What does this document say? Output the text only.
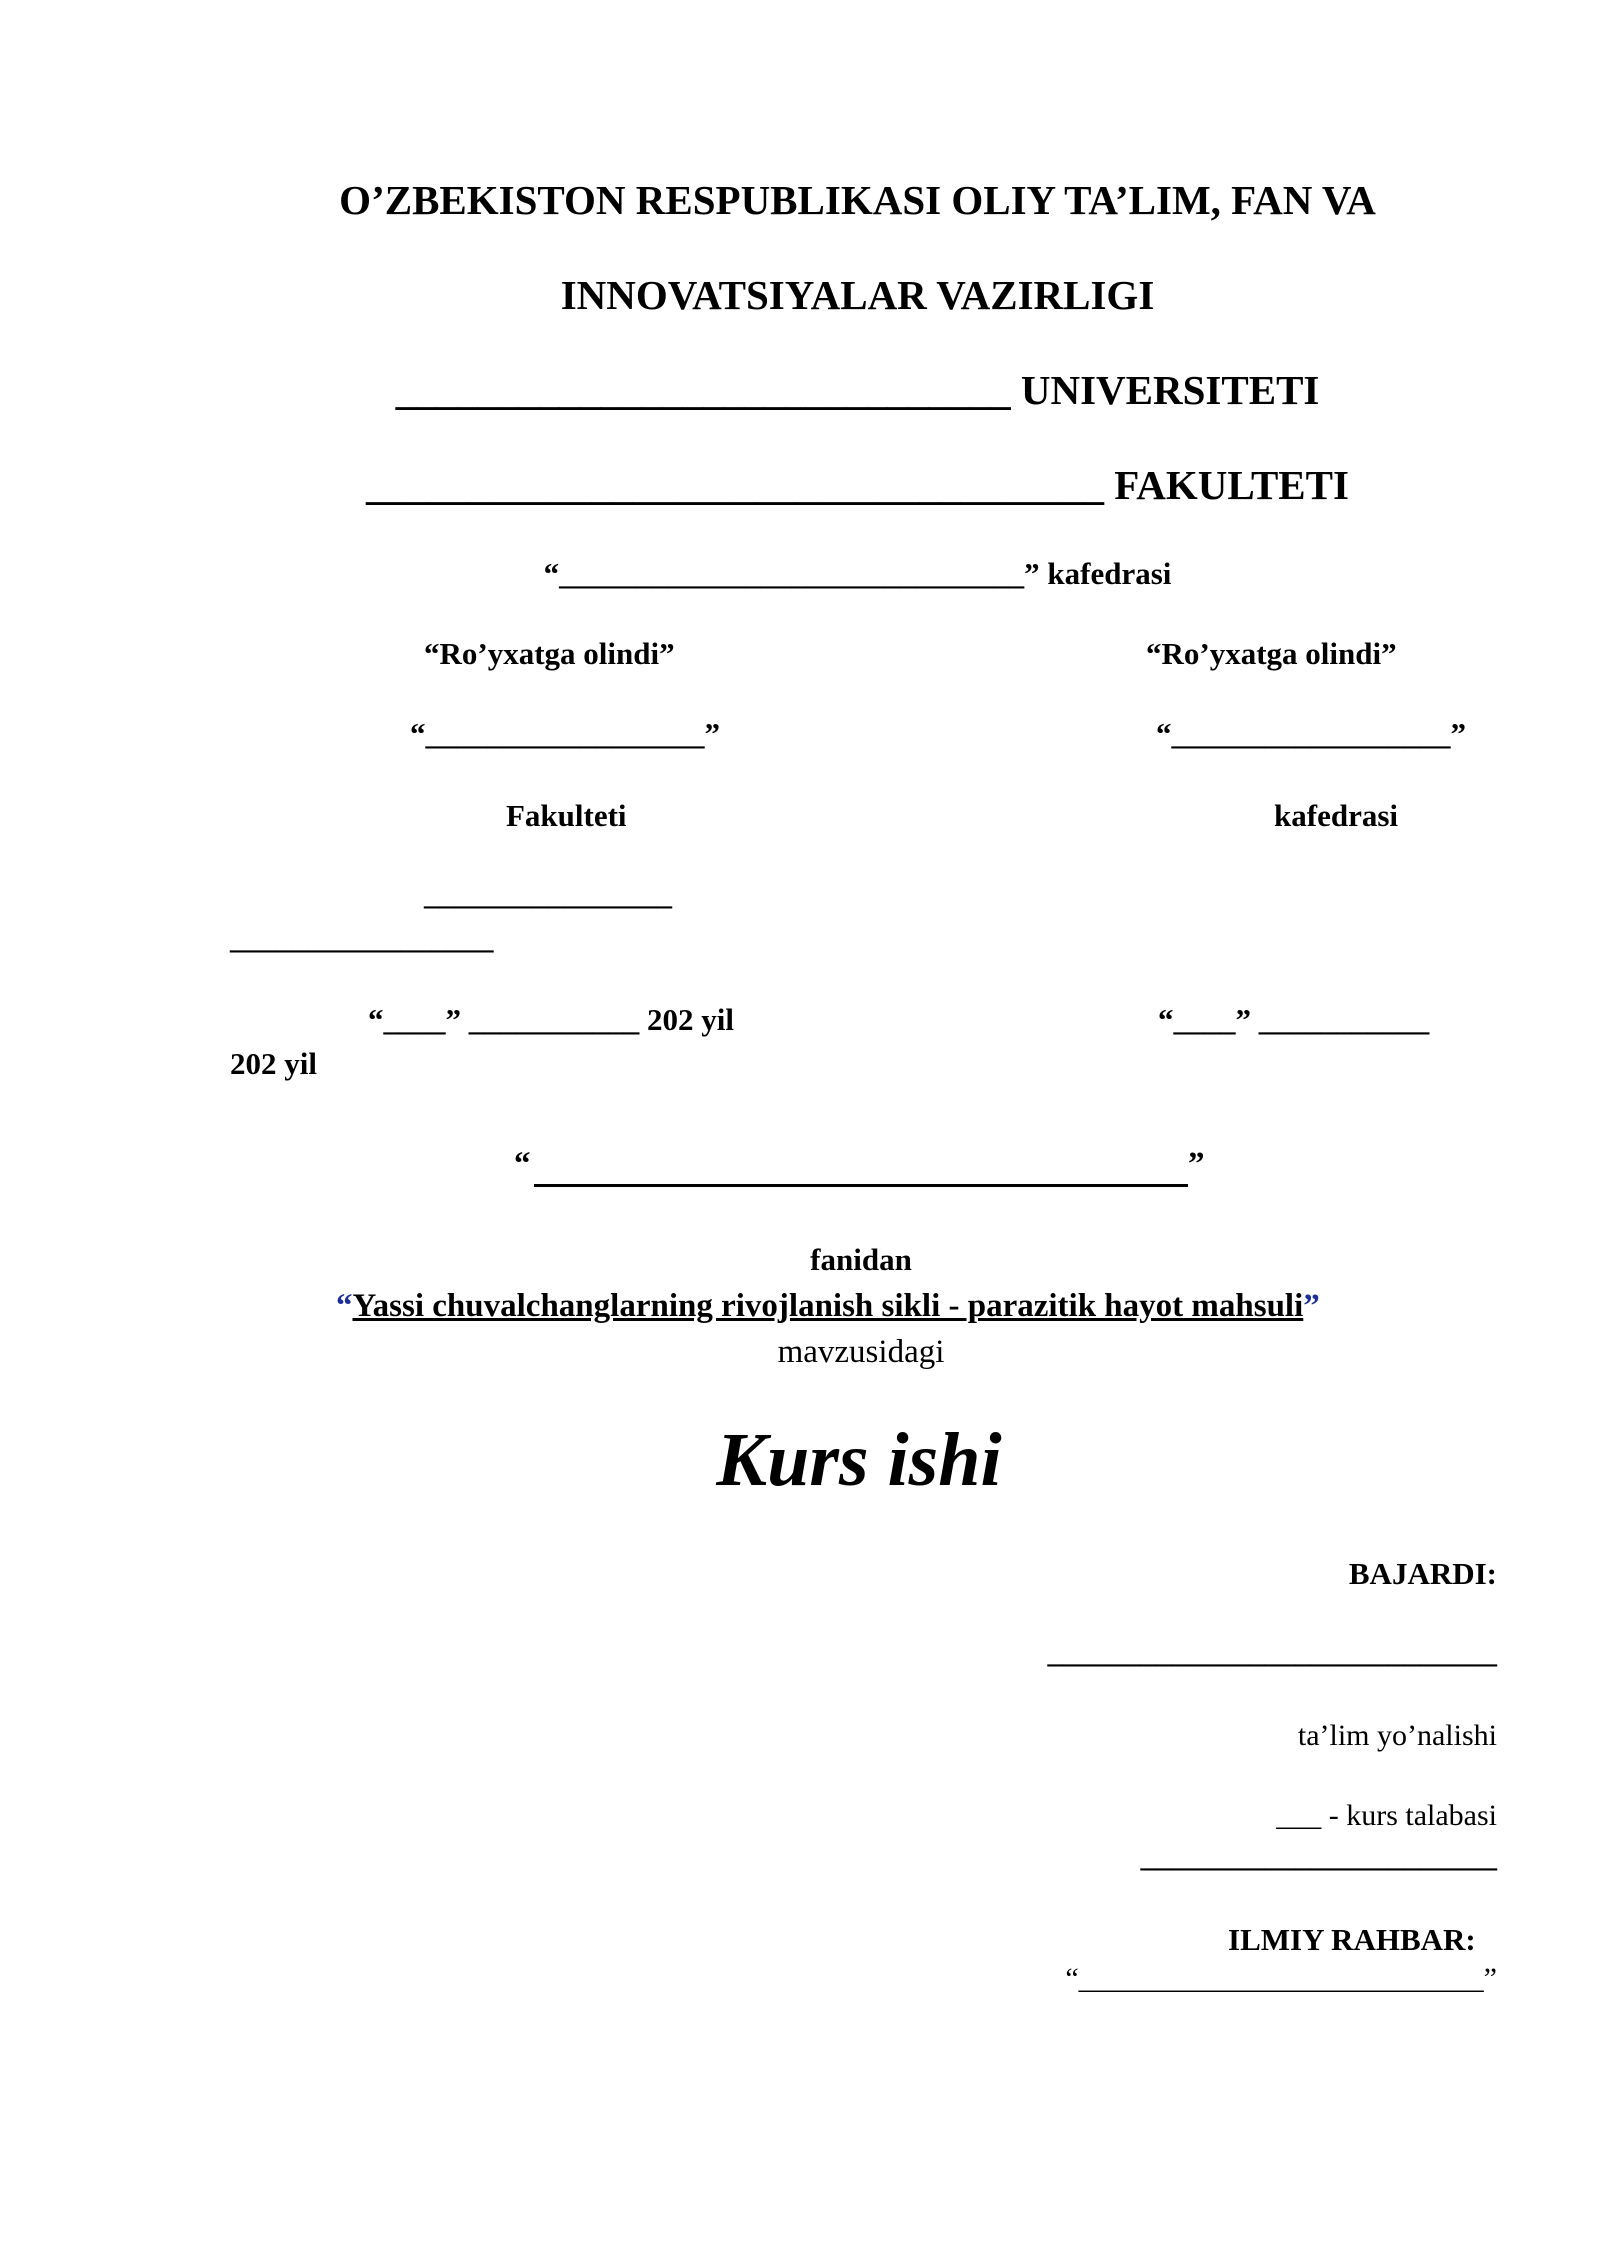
O’ZBEKISTON RESPUBLIKASI OLIY TA’LIM, FAN VA
INNOVATSIYALAR VAZIRLIGI
______________________________ UNIVERSITETI
____________________________________ FAKULTETI
“______________________________” kafedrasi
“Ro’yxatga olindi”
“__________________”
Fakulteti
________________
_________________
“____” ___________ 202 yil
“Ro’yxatga olindi”
“__________________”
kafedrasi
“____” ___________
202 yil
“	”
fanidan
“Yassi chuvalchanglarning rivojlanish sikli - parazitik hayot mahsuli”
mavzusidagi
Kurs ishi
BAJARDI:
_____________________________
ta’lim yo’nalishi
___ - kurs talabasi
_______________________
ILMIY RAHBAR:
“___________________________”
